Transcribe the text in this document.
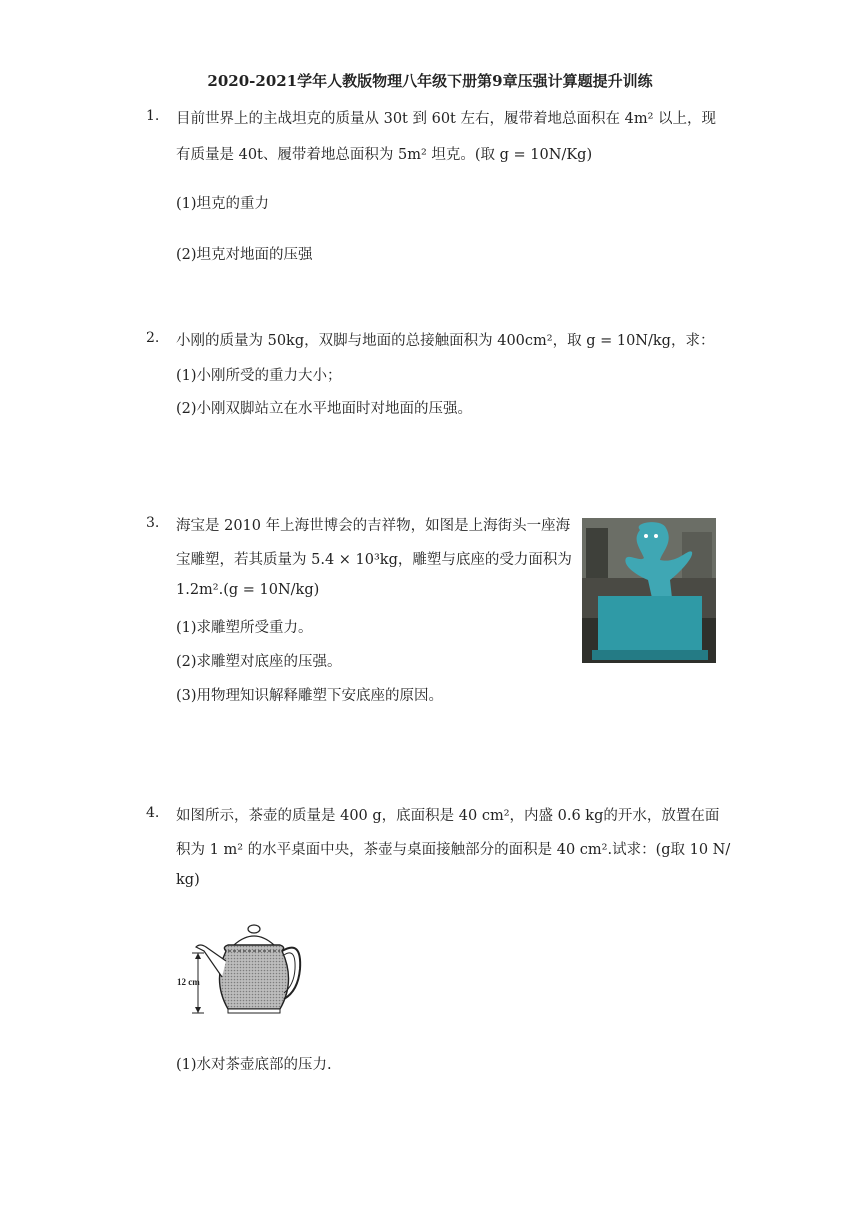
2020-2021学年人教版物理八年级下册第9章压强计算题提升训练
1. 目前世界上的主战坦克的质量从 30t 到 60t 左右，履带着地总面积在 4m² 以上，现
有质量是 40t、履带着地总面积为 5m² 坦克。(取 g = 10N/Kg)
(1)坦克的重力
(2)坦克对地面的压强
2. 小刚的质量为 50kg，双脚与地面的总接触面积为 400cm²，取 g = 10N/kg，求：
(1)小刚所受的重力大小；
(2)小刚双脚站立在水平地面时对地面的压强。
3. 海宝是 2010 年上海世博会的吉祥物，如图是上海街头一座海
宝雕塑，若其质量为 5.4 × 10³kg，雕塑与底座的受力面积为
1.2m².(g = 10N/kg)
(1)求雕塑所受重力。
(2)求雕塑对底座的压强。
(3)用物理知识解释雕塑下安底座的原因。
4. 如图所示，茶壶的质量是 400 g，底面积是 40 cm²，内盛 0.6 kg的开水，放置在面
积为 1 m² 的水平桌面中央，茶壶与桌面接触部分的面积是 40 cm².试求：(g取 10 N/
kg)
12 cm
(1)水对茶壶底部的压力.
